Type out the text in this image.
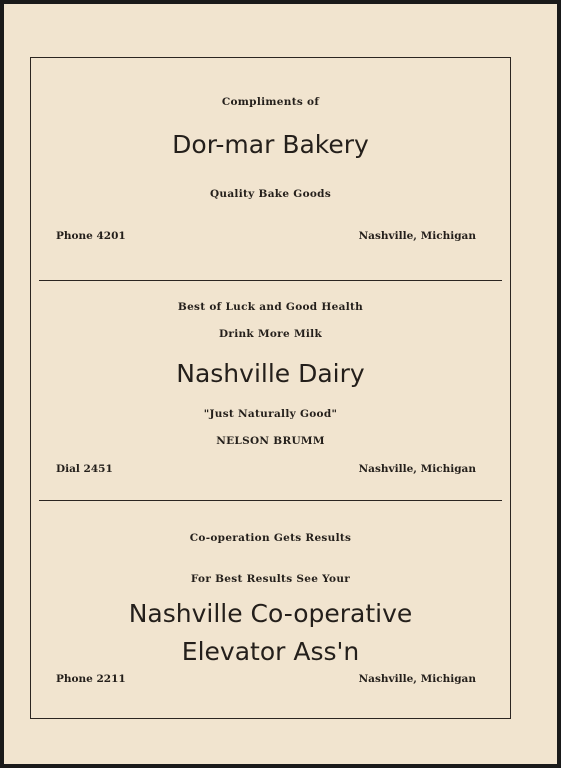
Compliments of
Dor-mar Bakery
Quality Bake Goods
Phone 4201	Nashville, Michigan
Best of Luck and Good Health
Drink More Milk
Nashville Dairy
"Just Naturally Good"
NELSON BRUMM
Dial 2451	Nashville, Michigan
Co-operation Gets Results
For Best Results See Your
Nashville Co-operative
Elevator Ass'n
Phone 2211	Nashville, Michigan
